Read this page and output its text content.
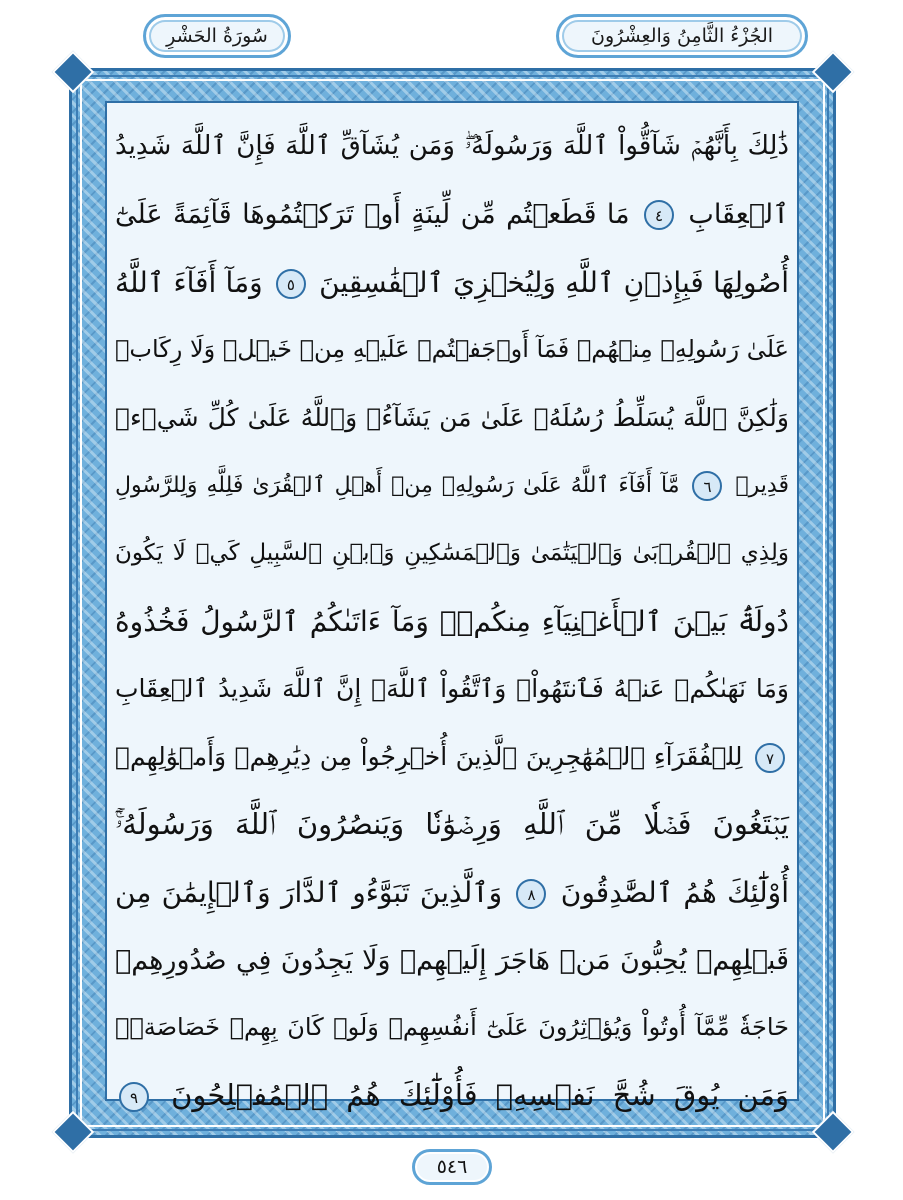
الجُزْءُ الثَّامِنُ وَالعِشْرُونَ
سُورَةُ الحَشْرِ
ذَٰلِكَ بِأَنَّهُمۡ شَآقُّواْ ٱللَّهَ وَرَسُولَهُۥۖ وَمَن يُشَآقِّ ٱللَّهَ فَإِنَّ ٱللَّهَ شَدِيدُ
ٱلۡعِقَابِ ٤ مَا قَطَعۡتُم مِّن لِّينَةٍ أَوۡ تَرَكۡتُمُوهَا قَآئِمَةً عَلَىٰٓ
أُصُولِهَا فَبِإِذۡنِ ٱللَّهِ وَلِيُخۡزِيَ ٱلۡفَٰسِقِينَ ٥ وَمَآ أَفَآءَ ٱللَّهُ
عَلَىٰ رَسُولِهِۦ مِنۡهُمۡ فَمَآ أَوۡجَفۡتُمۡ عَلَيۡهِ مِنۡ خَيۡلٖ وَلَا رِكَابٖ
وَلَٰكِنَّ ٱللَّهَ يُسَلِّطُ رُسُلَهُۥ عَلَىٰ مَن يَشَآءُۚ وَٱللَّهُ عَلَىٰ كُلِّ شَيۡءٖ
قَدِيرٞ ٦ مَّآ أَفَآءَ ٱللَّهُ عَلَىٰ رَسُولِهِۦ مِنۡ أَهۡلِ ٱلۡقُرَىٰ فَلِلَّهِ وَلِلرَّسُولِ
وَلِذِي ٱلۡقُرۡبَىٰ وَٱلۡيَتَٰمَىٰ وَٱلۡمَسَٰكِينِ وَٱبۡنِ ٱلسَّبِيلِ كَيۡ لَا يَكُونَ
دُولَةَۢ بَيۡنَ ٱلۡأَغۡنِيَآءِ مِنكُمۡۚ وَمَآ ءَاتَىٰكُمُ ٱلرَّسُولُ فَخُذُوهُ
وَمَا نَهَىٰكُمۡ عَنۡهُ فَٱنتَهُواْۚ وَٱتَّقُواْ ٱللَّهَۖ إِنَّ ٱللَّهَ شَدِيدُ ٱلۡعِقَابِ
٧ لِلۡفُقَرَآءِ ٱلۡمُهَٰجِرِينَ ٱلَّذِينَ أُخۡرِجُواْ مِن دِيَٰرِهِمۡ وَأَمۡوَٰلِهِمۡ
يَبۡتَغُونَ فَضۡلٗا مِّنَ ٱللَّهِ وَرِضۡوَٰنٗا وَيَنصُرُونَ ٱللَّهَ وَرَسُولَهُۥٓۚ
أُوْلَٰٓئِكَ هُمُ ٱلصَّٰدِقُونَ ٨ وَٱلَّذِينَ تَبَوَّءُو ٱلدَّارَ وَٱلۡإِيمَٰنَ مِن
قَبۡلِهِمۡ يُحِبُّونَ مَنۡ هَاجَرَ إِلَيۡهِمۡ وَلَا يَجِدُونَ فِي صُدُورِهِمۡ
حَاجَةٗ مِّمَّآ أُوتُواْ وَيُؤۡثِرُونَ عَلَىٰٓ أَنفُسِهِمۡ وَلَوۡ كَانَ بِهِمۡ خَصَاصَةٞۚ
وَمَن يُوقَ شُحَّ نَفۡسِهِۦ فَأُوْلَٰٓئِكَ هُمُ ٱلۡمُفۡلِحُونَ ٩
٥٤٦
